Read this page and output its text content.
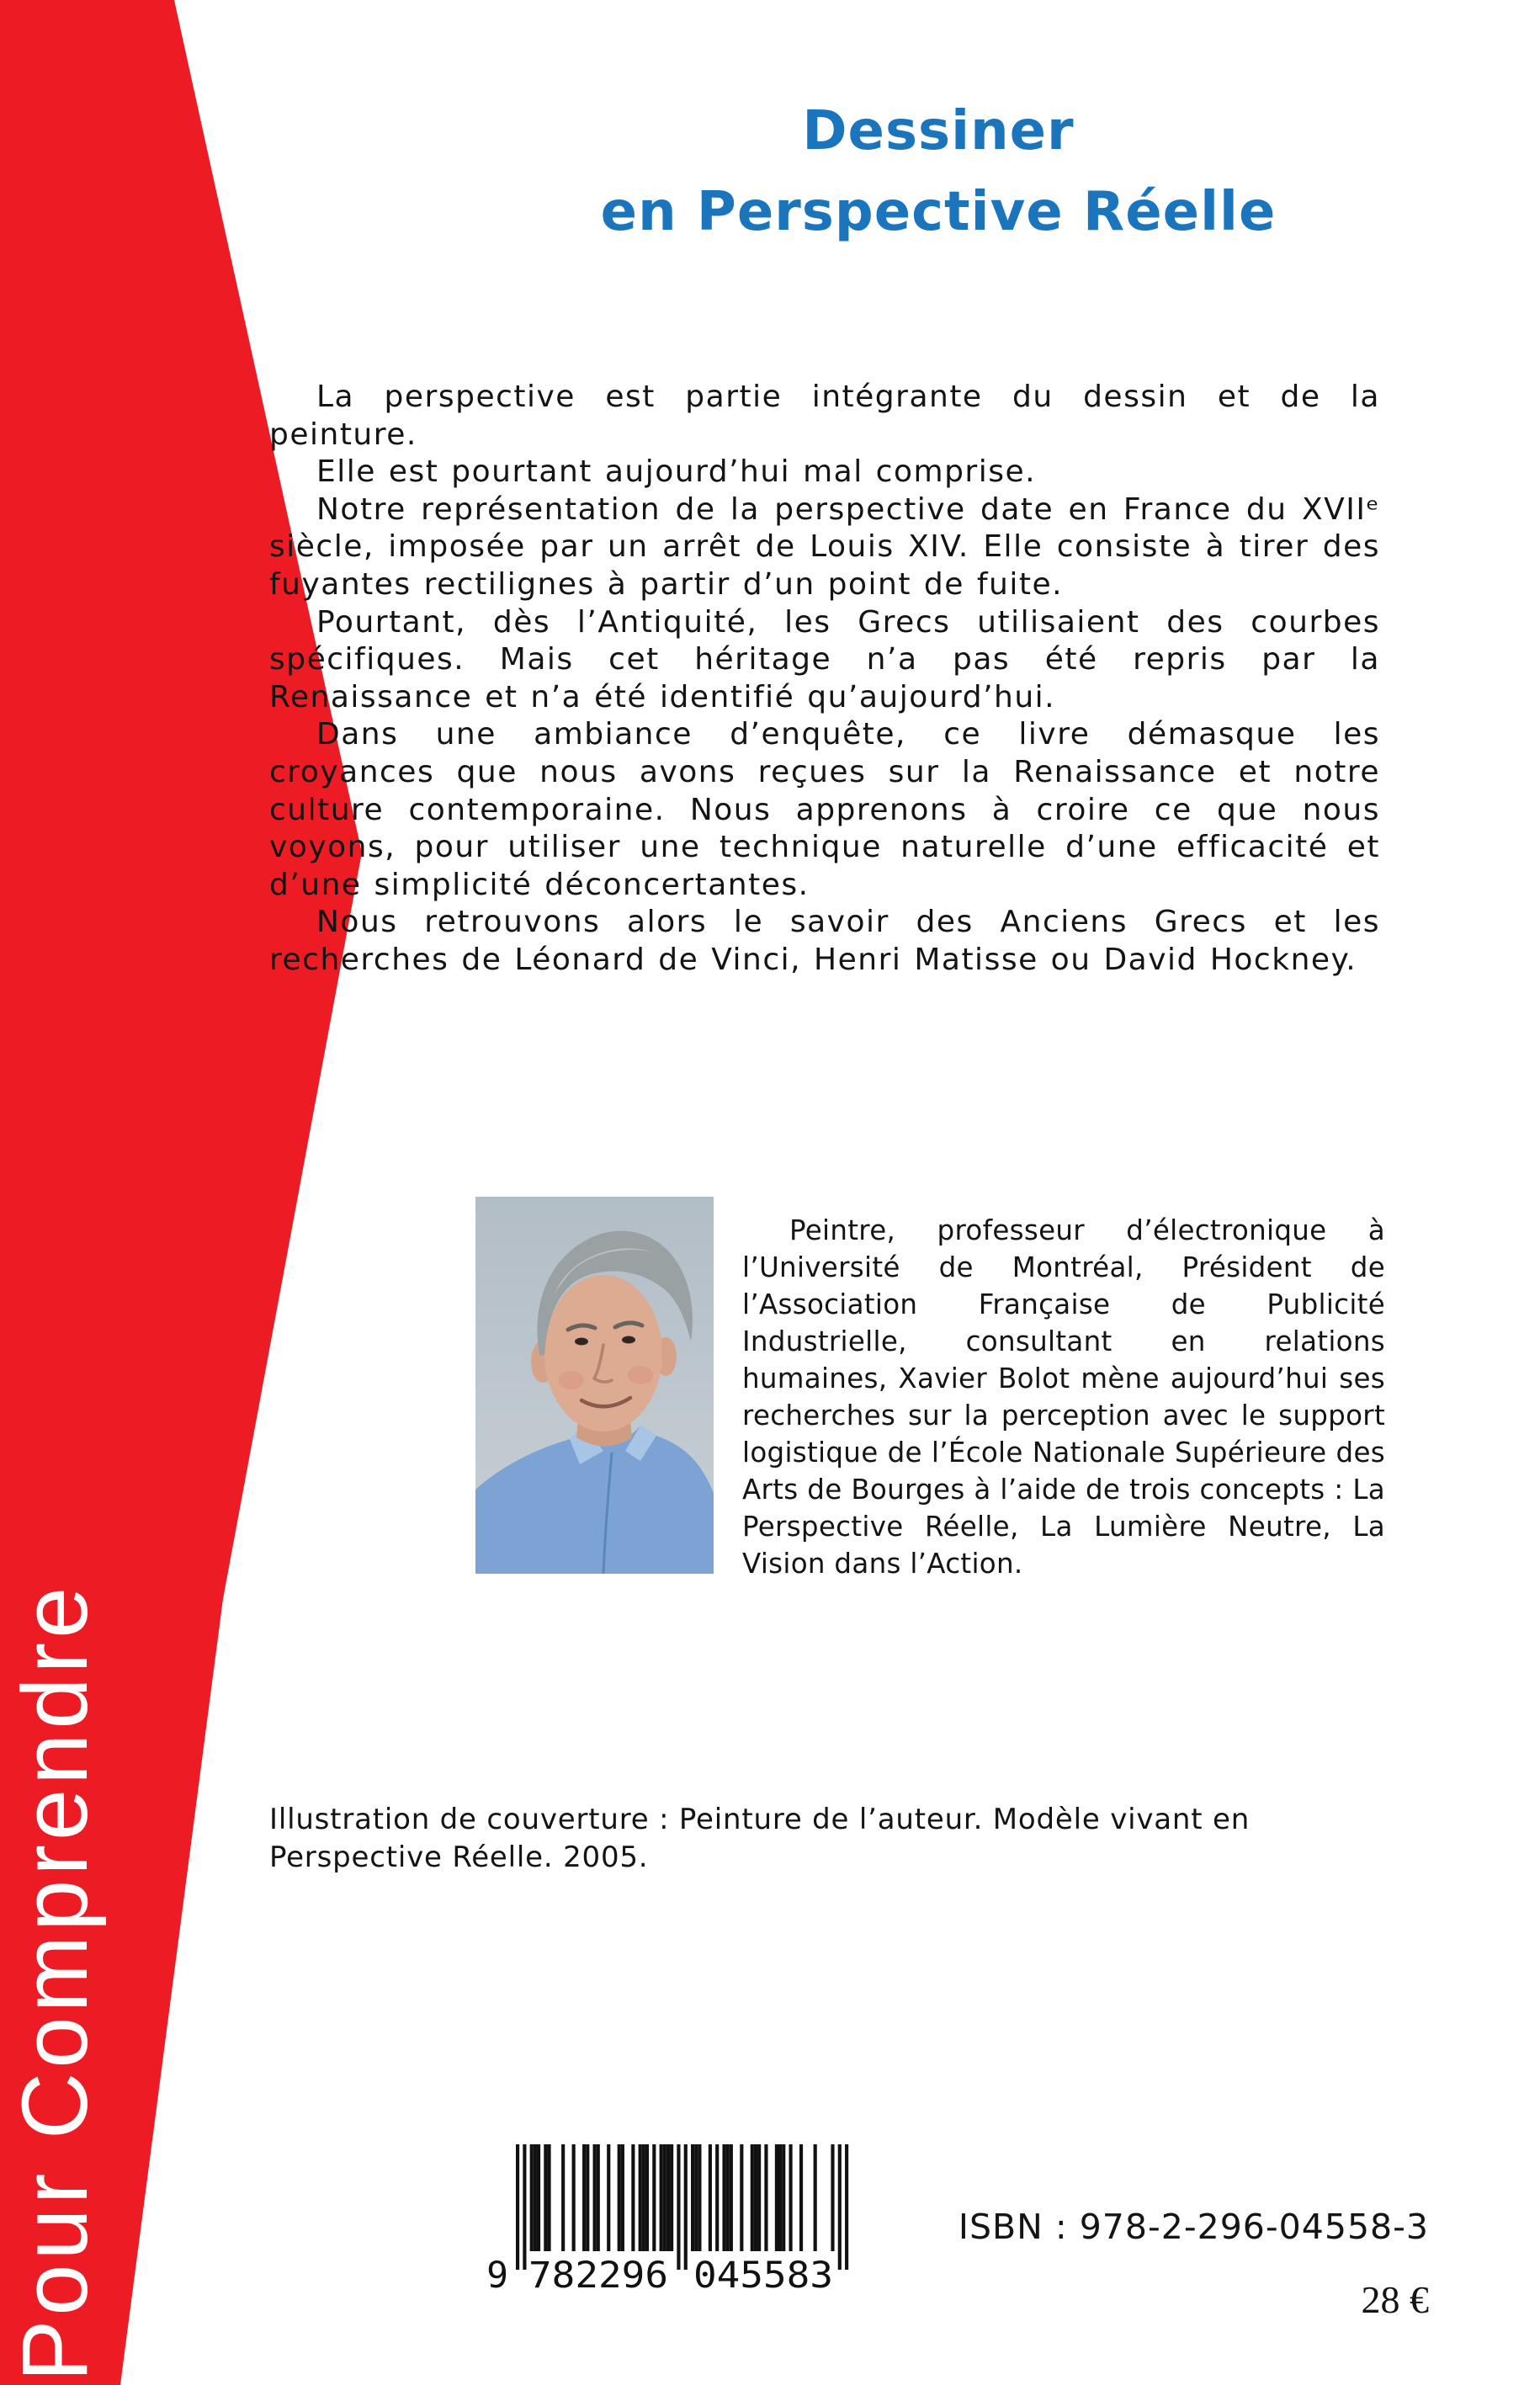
Pour Comprendre
Dessiner
en Perspective Réelle

La perspective est partie intégrante du dessin et de la peinture.

Elle est pourtant aujourd’hui mal comprise.

Notre représentation de la perspective date en France du XVIIᵉ siècle, imposée par un arrêt de Louis XIV. Elle consiste à tirer des fuyantes rectilignes à partir d’un point de fuite.

Pourtant, dès l’Antiquité, les Grecs utilisaient des courbes spécifiques. Mais cet héritage n’a pas été repris par la Renaissance et n’a été identifié qu’aujourd’hui.

Dans une ambiance d’enquête, ce livre démasque les croyances que nous avons reçues sur la Renaissance et notre culture contemporaine. Nous apprenons à croire ce que nous voyons, pour utiliser une technique naturelle d’une efficacité et d’une simplicité déconcertantes.

Nous retrouvons alors le savoir des Anciens Grecs et les recherches de Léonard de Vinci, Henri Matisse ou David Hockney.

Peintre, professeur d’électronique à l’Université de Montréal, Président de l’Association Française de Publicité Industrielle, consultant en relations humaines, Xavier Bolot mène aujourd’hui ses recherches sur la perception avec le support logistique de l’École Nationale Supérieure des Arts de Bourges à l’aide de trois concepts : La Perspective Réelle, La Lumière Neutre, La Vision dans l’Action.
Illustration de couverture : Peinture de l’auteur. Modèle vivant en Perspective Réelle. 2005.
9 782296 045583
ISBN : 978-2-296-04558-3
28 €
